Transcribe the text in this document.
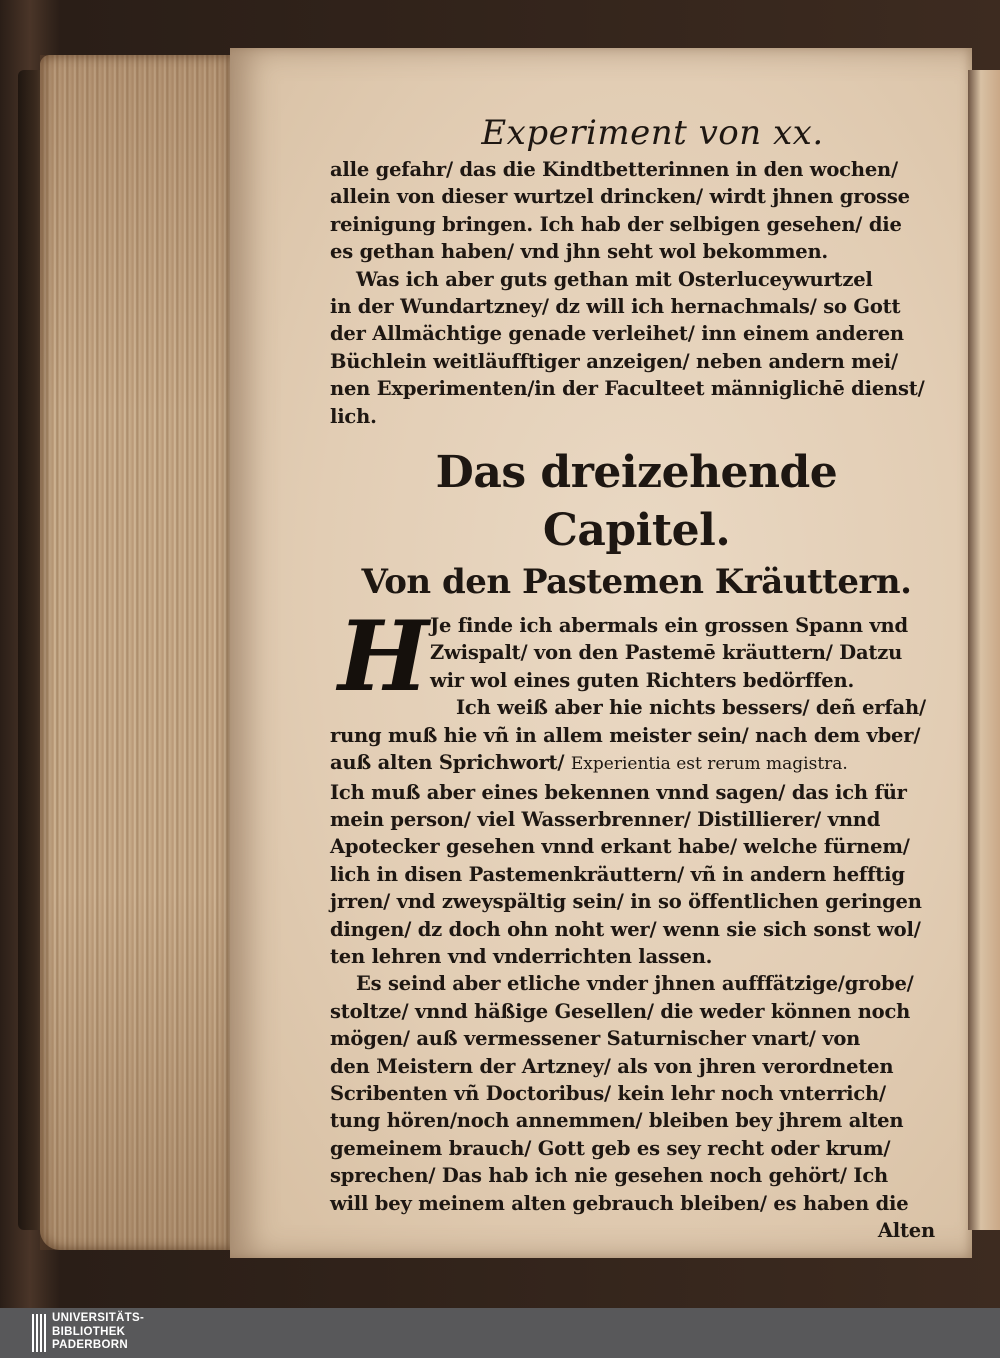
Experiment von xx.
alle gefahr/ das die Kindtbetterinnen in den wochen/
allein von dieser wurtzel drincken/ wirdt jhnen grosse
reinigung bringen. Ich hab der selbigen gesehen/ die
es gethan haben/ vnd jhn seht wol bekommen.
Was ich aber guts gethan mit Osterluceywurtzel
in der Wundartzney/ dz will ich hernachmals/ so Gott
der Allmächtige genade verleihet/ inn einem anderen
Büchlein weitläufftiger anzeigen/ neben andern mei/
nen Experimenten/in der Faculteet männiglichē dienst/
lich.
Das dreizehende Capitel.
Von den Pastemen Kräuttern.
H Je finde ich abermals ein grossen Spann vnd
Zwispalt/ von den Pastemē kräuttern/ Datzu
wir wol eines guten Richters bedörffen.
Ich weiß aber hie nichts bessers/ deñ erfah/
rung muß hie vñ in allem meister sein/ nach dem vber/
auß alten Sprichwort/ Experientia est rerum magistra.
Ich muß aber eines bekennen vnnd sagen/ das ich für
mein person/ viel Wasserbrenner/ Distillierer/ vnnd
Apotecker gesehen vnnd erkant habe/ welche fürnem/
lich in disen Pastemenkräuttern/ vñ in andern hefftig
jrren/ vnd zweyspältig sein/ in so öffentlichen geringen
dingen/ dz doch ohn noht wer/ wenn sie sich sonst wol/
ten lehren vnd vnderrichten lassen.
Es seind aber etliche vnder jhnen aufffätzige/grobe/
stoltze/ vnnd häßige Gesellen/ die weder können noch
mögen/ auß vermessener Saturnischer vnart/ von
den Meistern der Artzney/ als von jhren verordneten
Scribenten vñ Doctoribus/ kein lehr noch vnterrich/
tung hören/noch annemmen/ bleiben bey jhrem alten
gemeinem brauch/ Gott geb es sey recht oder krum/
sprechen/ Das hab ich nie gesehen noch gehört/ Ich
will bey meinem alten gebrauch bleiben/ es haben die
Alten
UNIVERSITÄTS-
BIBLIOTHEK
PADERBORN
